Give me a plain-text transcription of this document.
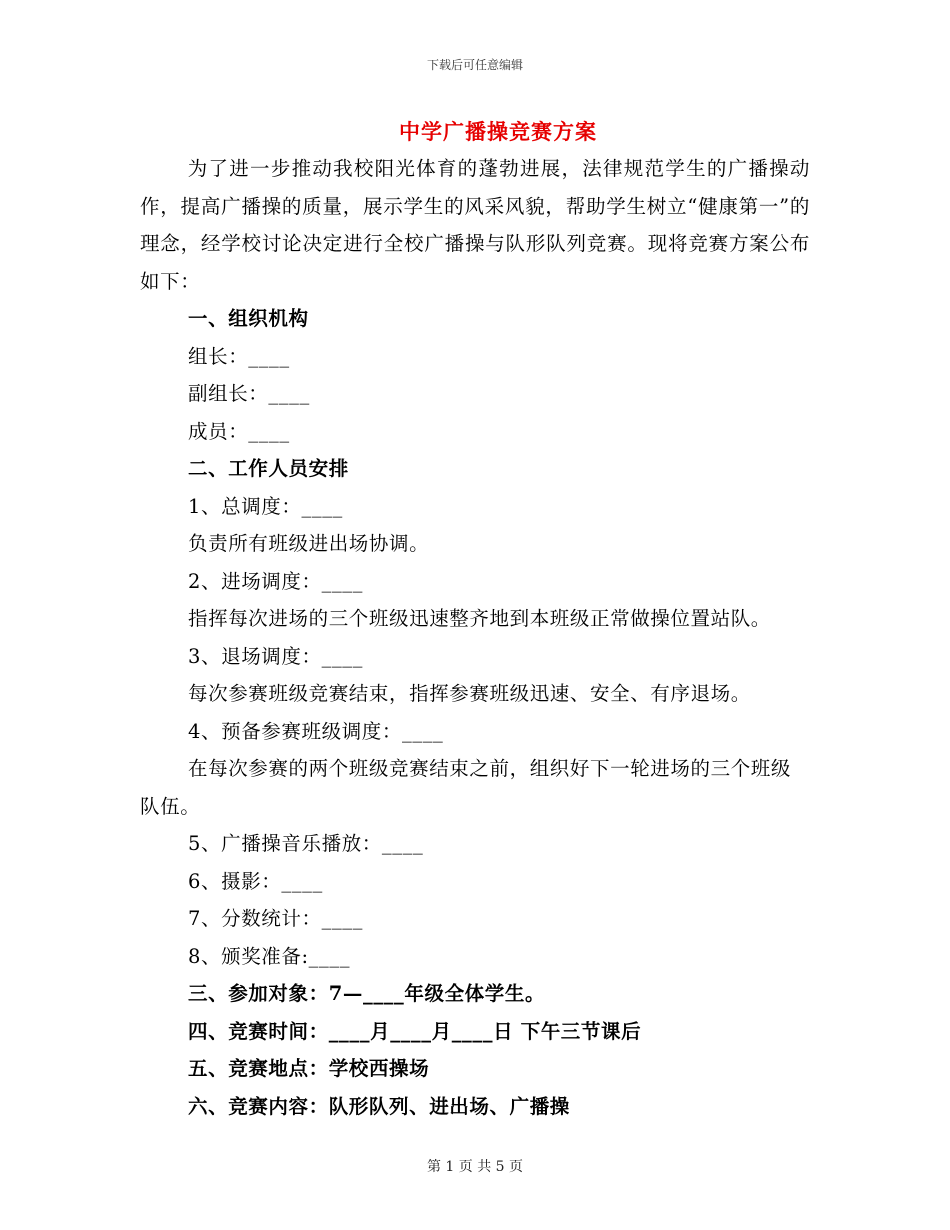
下载后可任意编辑
中学广播操竞赛方案

为了进一步推动我校阳光体育的蓬勃进展，法律规范学生的广播操动作，提高广播操的质量，展示学生的风采风貌，帮助学生树立“健康第一”的理念，经学校讨论决定进行全校广播操与队形队列竞赛。现将竞赛方案公布如下：

一、组织机构

组长：____

副组长：____

成员：____

二、工作人员安排

1、总调度：____

负责所有班级进出场协调。

2、进场调度：____

指挥每次进场的三个班级迅速整齐地到本班级正常做操位置站队。

3、退场调度：____

每次参赛班级竞赛结束，指挥参赛班级迅速、安全、有序退场。

4、预备参赛班级调度：____

在每次参赛的两个班级竞赛结束之前，组织好下一轮进场的三个班级队伍。

5、广播操音乐播放：____

6、摄影：____

7、分数统计：____

8、颁奖准备:____

三、参加对象：7—____年级全体学生。

四、竞赛时间：____月____月____日 下午三节课后

五、竞赛地点：学校西操场

六、竞赛内容：队形队列、进出场、广播操

第 1 页 共 5 页
